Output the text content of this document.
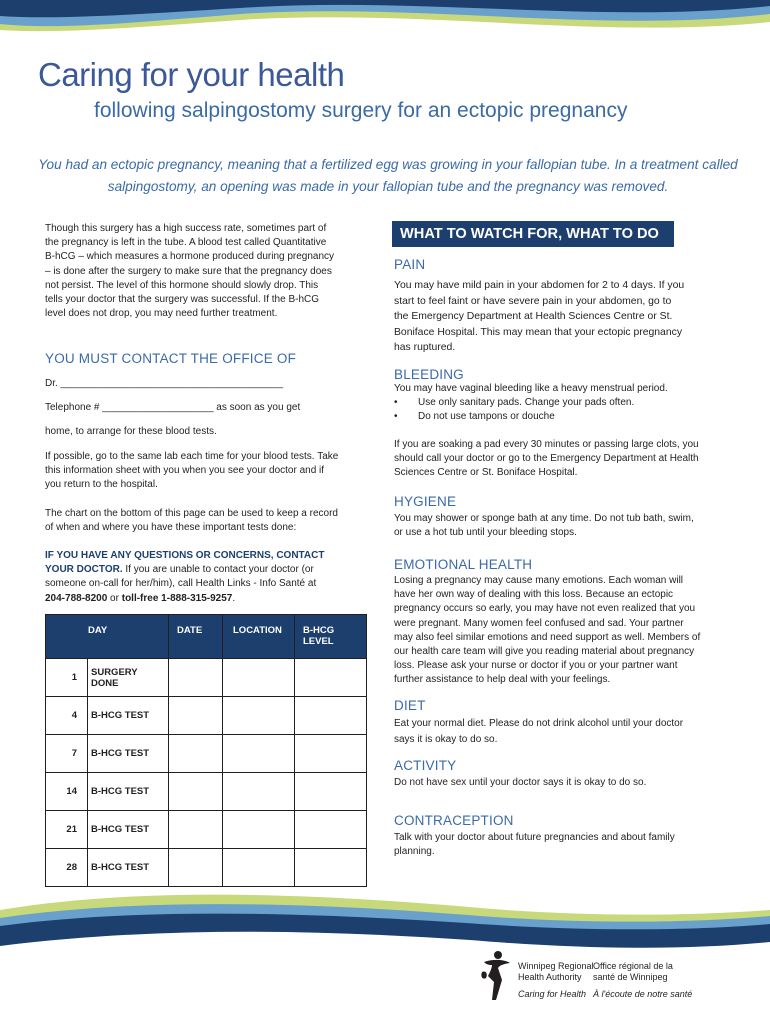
Caring for your health
following salpingostomy surgery for an ectopic pregnancy
You had an ectopic pregnancy, meaning that a fertilized egg was growing in your fallopian tube. In a treatment called salpingostomy, an opening was made in your fallopian tube and the pregnancy was removed.
Though this surgery has a high success rate, sometimes part of the pregnancy is left in the tube. A blood test called Quantitative B-hCG – which measures a hormone produced during pregnancy – is done after the surgery to make sure that the pregnancy does not persist. The level of this hormone should slowly drop. This tells your doctor that the surgery was successful. If the B-hCG level does not drop, you may need further treatment.
YOU MUST CONTACT THE OFFICE OF
Dr. ________________________________________
Telephone # ____________________ as soon as you get
home, to arrange for these blood tests.
If possible, go to the same lab each time for your blood tests. Take this information sheet with you when you see your doctor and if you return to the hospital.
The chart on the bottom of this page can be used to keep a record of when and where you have these important tests done:
IF YOU HAVE ANY QUESTIONS OR CONCERNS, CONTACT YOUR DOCTOR. If you are unable to contact your doctor (or someone on-call for her/him), call Health Links - Info Santé at 204-788-8200 or toll-free 1-888-315-9257.
DAY		DATE	LOCATION	B-HCG LEVEL
1	SURGERY DONE			
4	B-HCG TEST			
7	B-HCG TEST			
14	B-HCG TEST			
21	B-HCG TEST			
28	B-HCG TEST			
WHAT TO WATCH FOR, WHAT TO DO
PAIN
You may have mild pain in your abdomen for 2 to 4 days. If you start to feel faint or have severe pain in your abdomen, go to the Emergency Department at Health Sciences Centre or St. Boniface Hospital. This may mean that your ectopic pregnancy has ruptured.
BLEEDING
You may have vaginal bleeding like a heavy menstrual period.
• Use only sanitary pads. Change your pads often.
• Do not use tampons or douche
If you are soaking a pad every 30 minutes or passing large clots, you should call your doctor or go to the Emergency Department at Health Sciences Centre or St. Boniface Hospital.
HYGIENE
You may shower or sponge bath at any time. Do not tub bath, swim, or use a hot tub until your bleeding stops.
EMOTIONAL HEALTH
Losing a pregnancy may cause many emotions. Each woman will have her own way of dealing with this loss. Because an ectopic pregnancy occurs so early, you may have not even realized that you were pregnant. Many women feel confused and sad. Your partner may also feel similar emotions and need support as well. Members of our health care team will give you reading material about pregnancy loss. Please ask your nurse or doctor if you or your partner want further assistance to help deal with your feelings.
DIET
Eat your normal diet. Please do not drink alcohol until your doctor says it is okay to do so.
ACTIVITY
Do not have sex until your doctor says it is okay to do so.
CONTRACEPTION
Talk with your doctor about future pregnancies and about family planning.
Winnipeg Regional
Health Authority
Caring for Health
Office régional de la
santé de Winnipeg
À l'écoute de notre santé
